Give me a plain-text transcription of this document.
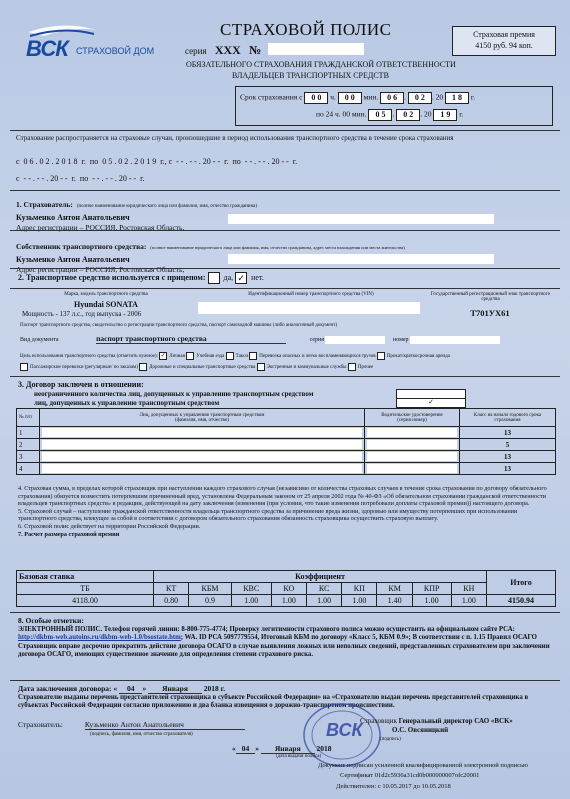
ВСК СТРАХОВОЙ ДОМ
СТРАХОВОЙ ПОЛИС
серия XXX №
ОБЯЗАТЕЛЬНОГО СТРАХОВАНИЯ ГРАЖДАНСКОЙ ОТВЕТСТВЕННОСТИ
ВЛАДЕЛЬЦЕВ ТРАНСПОРТНЫХ СРЕДСТВ
Страховая премия
4150 руб. 94 коп.
Срок страхования с 0 0 ч. 0 0 мин. 0 6 . 0 2 . 20 1 8 г.
по 24 ч. 00 мин. 0 5 . 0 2 . 20 1 9 г.
Страхование распространяется на страховые случаи, произошедшие в период использования транспортного средства в течение срока страхования
с  0 6 . 0 2 . 2 0 1 8  г.  по  0 5 . 0 2 . 2 0 1 9  г., с  - - . - - . 20 - -  г.  по  - - . - - . 20 - -  г.
с  - - . - - . 20 - -  г.  по  - - . - - . 20 - -  г.
1. Страхователь: (полное наименование юридического лица или фамилия, имя, отчество гражданина)
Кузьменко Антон Анатольевич
Адрес регистрации – РОССИЯ, Ростовская Область,
Собственник транспортного средства: (полное наименование юридического лица или фамилия, имя, отчество гражданина, адрес места нахождения или места жительства)
Кузьменко Антон Анатольевич
Адрес регистрации – РОССИЯ, Ростовская Область,
2. Транспортное средство используется с прицепом: да, ✓ нет.
Марка, модель транспортного средства
Hyundai SONATA
Мощность - 137 л.с., год выпуска - 2006
Идентификационный номер транспортного средства (VIN)	Государственный регистрационный знак транспортного средства
Т701УХ61
Паспорт транспортного средства, свидетельство о регистрации транспортного средства, паспорт самоходной машины (либо аналогичный документ)
Вид документа	паспорт транспортного средства	серия	номер
Цель использования транспортного средства (отметить нужное): ✓ Личная Учебная езда Такси Перевозка опасных и легко воспламеняющихся грузов Прокат/краткосрочная аренда
Пассажирские перевозки (регулярные/ по заказам) Дорожные и специальные транспортные средства Экстренные и коммунальные службы Прочее
3. Договор заключен в отношении:
неограниченного количества лиц, допущенных к управлению транспортным средством
лиц, допущенных к управлению транспортным средством	✓
№ п/п	Лиц, допущенных к управлению транспортным средством
(фамилия, имя, отчество)	Водительское удостоверение
(серия номер)	Класс на начало годового срока страхования
1			13
2			5
3			13
4			13
4. Страховая сумма, в пределах которой страховщик при наступлении каждого страхового случая (независимо от количества страховых случаев в течение срока страхования по договору обязательного страхования) обязуется возместить потерпевшим причиненный вред, установлена Федеральным законом от 25 апреля 2002 года № 40-ФЗ «Об обязательном страховании гражданской ответственности владельцев транспортных средств» в редакции, действующей на дату заключения (изменения (при условии, что такие изменения потребовали доплаты страховой премии)) настоящего договора.
5. Страховой случай – наступление гражданской ответственности владельца транспортного средства за причинение вреда жизни, здоровью или имуществу потерпевших при использовании транспортного средства, влекущее за собой в соответствии с договором обязательного страхования обязанность страховщика осуществить страховую выплату.
6. Страховой полис действует на территории Российской Федерации.
7. Расчет размера страховой премии
Базовая ставка	Коэффициент									Итого
ТБ	КТ	КБМ	КВС	КО	КС	КП	КМ	КПР	КН	
4118.00	0.80	0.9	1.00	1.00	1.00	1.00	1.40	1.00	1.00	4150.94
8. Особые отметки:
ЭЛЕКТРОННЫЙ ПОЛИС. Телефон горячей линии: 8-800-775-4774; Проверку легитимности страхового полиса можно осуществить на официальном сайте РСА: http://dkbm-web.autoins.ru/dkbm-web-1.0/bsostate.htm; WA. ID РСА 5097779554, Итоговый КБМ по договору «Класс 5, КБМ 0.9»; В соответствии с п. 1.15 Правил ОСАГО Страховщик вправе досрочно прекратить действие договора ОСАГО в случае выявления ложных или неполных сведений, представленных страхователем при заключении договора ОСАГО, имеющих существенное значение для определения степени страхового риска.
Дата заключения договора: « 04 » Января 2018 г.
Страхователю выданы перечень представителей страховщика в субъекте Российской Федерации» на «Страхователю выдан перечень представителей страховщика в субъектах Российской Федерации согласно приложению и два бланка извещения о дорожно-транспортном происшествии.
ВСК
Страхователь:	Кузьменко Антон Анатольевич
(подпись, фамилия, имя, отчество страхователя)
Страховщик Генеральный директор САО «ВСК»
О.С. Овсяницкий
(подпись)
« 04 » Января 2018
(дата выдачи полиса)
Документ подписан усиленной квалифицированной электронной подписью
Сертификат 01d2c5936a31cd0b000000007ofc20001
Действителен: с 10.05.2017 до 10.05.2018
